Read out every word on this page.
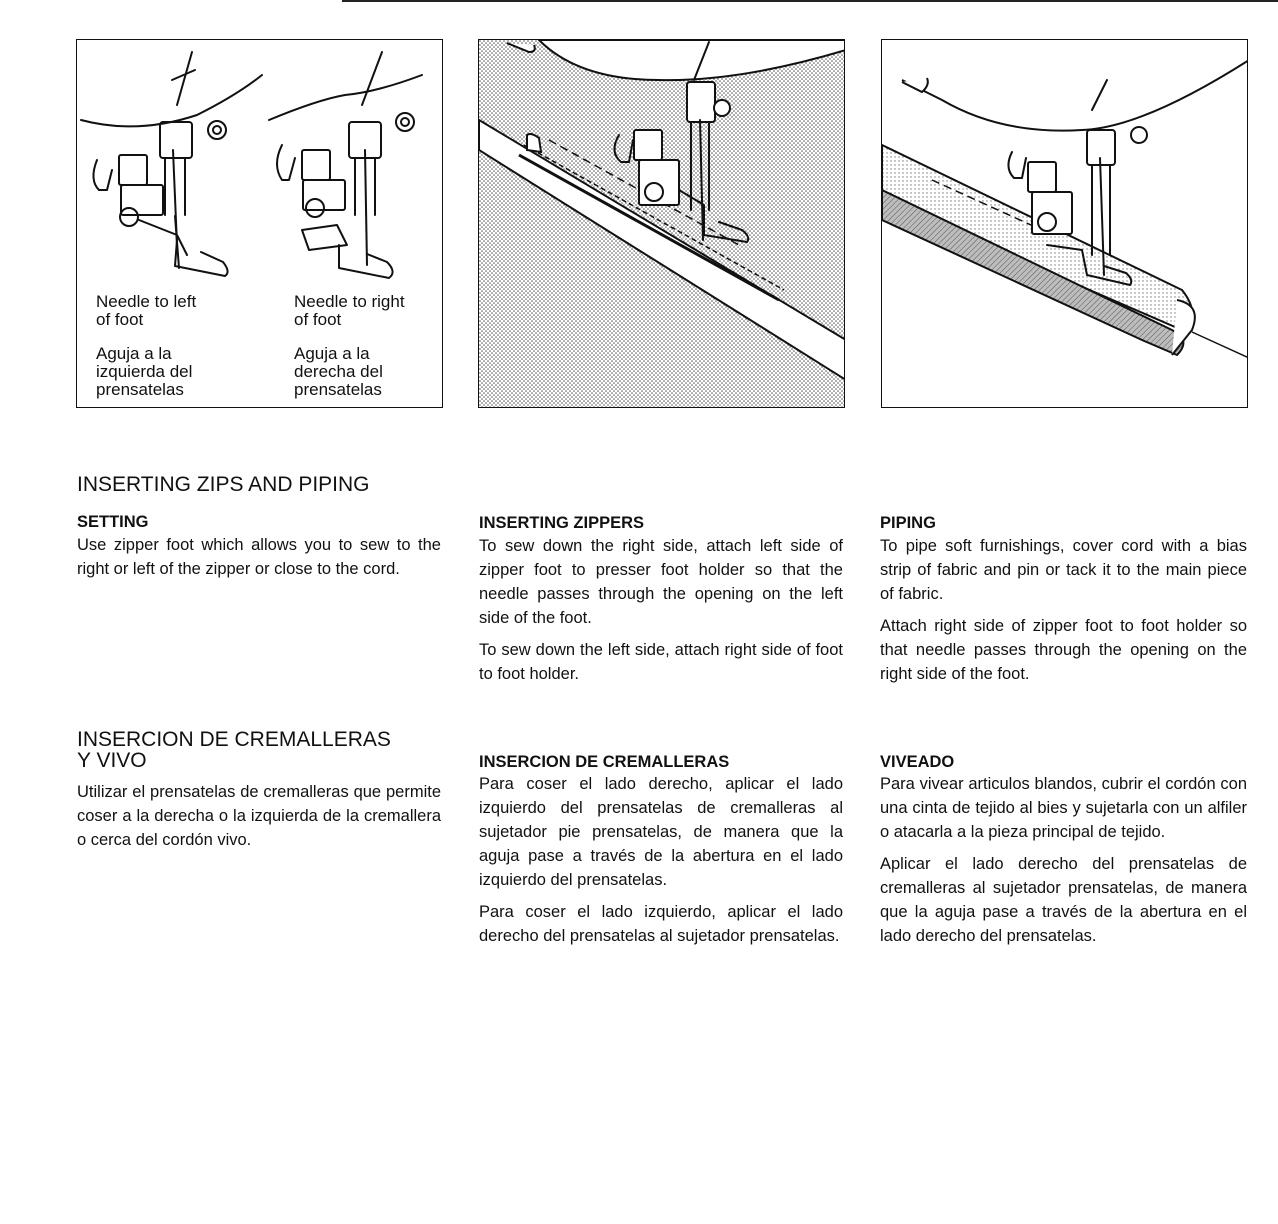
Needle to left
of foot
Aguja a la
izquierda del
prensatelas
Needle to right
of foot
Aguja a la
derecha del
prensatelas
INSERTING ZIPS AND PIPING
SETTING

Use zipper foot which allows you to sew to the right or left of the zipper or close to the cord.

INSERTING ZIPPERS

To sew down the right side, attach left side of zipper foot to presser foot holder so that the needle passes through the opening on the left side of the foot.

To sew down the left side, attach right side of foot to foot holder.

PIPING

To pipe soft furnishings, cover cord with a bias strip of fabric and pin or tack it to the main piece of fabric.

Attach right side of zipper foot to foot holder so that needle passes through the opening on the right side of the foot.

INSERCION DE CREMALLERAS
Y VIVO

Utilizar el prensatelas de cremalleras que permite coser a la derecha o la izquierda de la cremallera o cerca del cordón vivo.

INSERCION DE CREMALLERAS

Para coser el lado derecho, aplicar el lado izquierdo del prensatelas de cremalleras al sujetador pie prensatelas, de manera que la aguja pase a través de la abertura en el lado izquierdo del prensatelas.

Para coser el lado izquierdo, aplicar el lado derecho del prensatelas al sujetador prensatelas.

VIVEADO

Para vivear articulos blandos, cubrir el cordón con una cinta de tejido al bies y sujetarla con un alfiler o atacarla a la pieza principal de tejido.

Aplicar el lado derecho del prensatelas de cremalleras al sujetador prensatelas, de manera que la aguja pase a través de la abertura en el lado derecho del prensatelas.
